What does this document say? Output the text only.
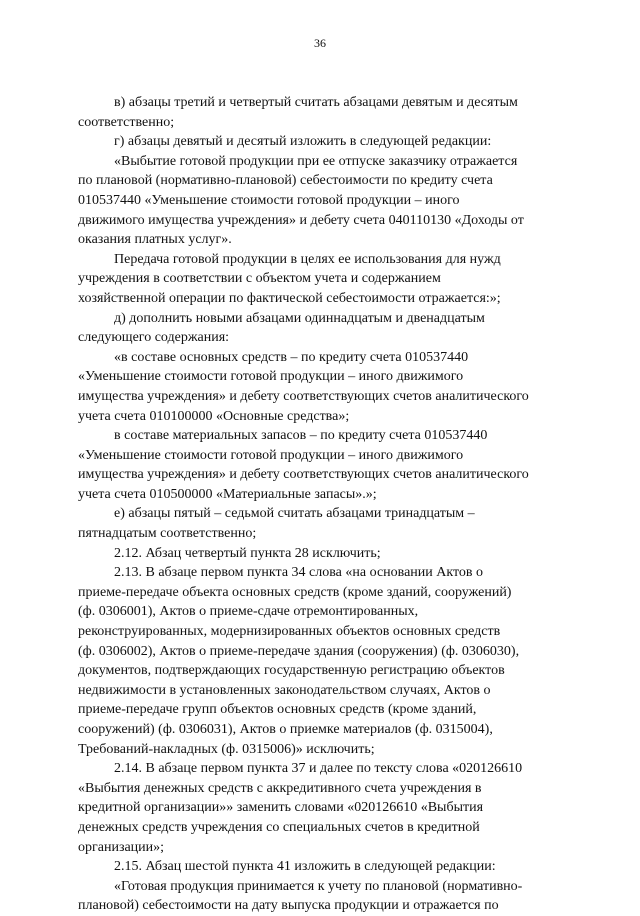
36

в) абзацы третий и четвертый считать абзацами девятым и десятым
соответственно;

г) абзацы девятый и десятый изложить в следующей редакции:

«Выбытие готовой продукции при ее отпуске заказчику отражается
по плановой (нормативно-плановой) себестоимости по кредиту счета
010537440 «Уменьшение стоимости готовой продукции – иного
движимого имущества учреждения» и дебету счета 040110130 «Доходы от
оказания платных услуг».

Передача готовой продукции в целях ее использования для нужд
учреждения в соответствии с объектом учета и содержанием
хозяйственной операции по фактической себестоимости отражается:»;

д) дополнить новыми абзацами одиннадцатым и двенадцатым
следующего содержания:

«в составе основных средств – по кредиту счета 010537440
«Уменьшение стоимости готовой продукции – иного движимого
имущества учреждения» и дебету соответствующих счетов аналитического
учета счета 010100000 «Основные средства»;

в составе материальных запасов – по кредиту счета 010537440
«Уменьшение стоимости готовой продукции – иного движимого
имущества учреждения» и дебету соответствующих счетов аналитического
учета счета 010500000 «Материальные запасы».»;

е) абзацы пятый – седьмой считать абзацами тринадцатым –
пятнадцатым соответственно;

2.12. Абзац четвертый пункта 28 исключить;

2.13. В абзаце первом пункта 34 слова «на основании Актов о
приеме-передаче объекта основных средств (кроме зданий, сооружений)
(ф. 0306001), Актов о приеме-сдаче отремонтированных,
реконструированных, модернизированных объектов основных средств
(ф. 0306002), Актов о приеме-передаче здания (сооружения) (ф. 0306030),
документов, подтверждающих государственную регистрацию объектов
недвижимости в установленных законодательством случаях, Актов о
приеме-передаче групп объектов основных средств (кроме зданий,
сооружений) (ф. 0306031), Актов о приемке материалов (ф. 0315004),
Требований-накладных (ф. 0315006)» исключить;

2.14. В абзаце первом пункта 37 и далее по тексту слова «020126610
«Выбытия денежных средств с аккредитивного счета учреждения в
кредитной организации»» заменить словами «020126610 «Выбытия
денежных средств учреждения со специальных счетов в кредитной
организации»;

2.15. Абзац шестой пункта 41 изложить в следующей редакции:

«Готовая продукция принимается к учету по плановой (нормативно-
плановой) себестоимости на дату выпуска продукции и отражается по
